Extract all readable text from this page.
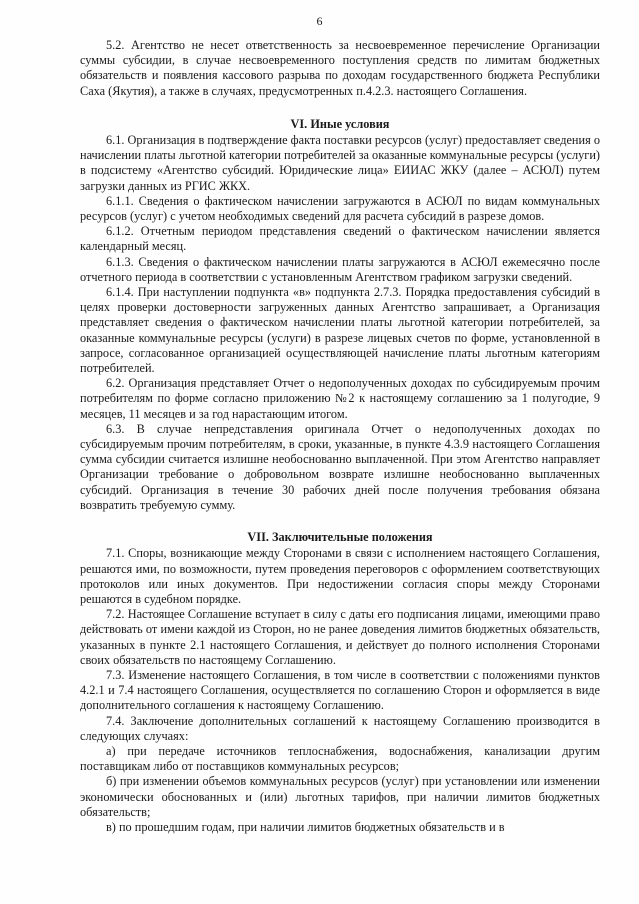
6

5.2. Агентство не несет ответственность за несвоевременное перечисление Организации суммы субсидии, в случае несвоевременного поступления средств по лимитам бюджетных обязательств и появления кассового разрыва по доходам государственного бюджета Республики Саха (Якутия), а также в случаях, предусмотренных п.4.2.3. настоящего Соглашения.

VI. Иные условия

6.1. Организация в подтверждение факта поставки ресурсов (услуг) предоставляет сведения о начислении платы льготной категории потребителей за оказанные коммунальные ресурсы (услуги) в подсистему «Агентство субсидий. Юридические лица» ЕИИАС ЖКУ (далее – АСЮЛ) путем загрузки данных из РГИС ЖКХ.

6.1.1. Сведения о фактическом начислении загружаются в АСЮЛ по видам коммунальных ресурсов (услуг) с учетом необходимых сведений для расчета субсидий в разрезе домов.

6.1.2. Отчетным периодом представления сведений о фактическом начислении является календарный месяц.

6.1.3. Сведения о фактическом начислении платы загружаются в АСЮЛ ежемесячно после отчетного периода в соответствии с установленным Агентством графиком загрузки сведений.

6.1.4. При наступлении подпункта «в» подпункта 2.7.3. Порядка предоставления субсидий в целях проверки достоверности загруженных данных Агентство запрашивает, а Организация представляет сведения о фактическом начислении платы льготной категории потребителей, за оказанные коммунальные ресурсы (услуги) в разрезе лицевых счетов по форме, установленной в запросе, согласованное организацией осуществляющей начисление платы льготным категориям потребителей.

6.2. Организация представляет Отчет о недополученных доходах по субсидируемым прочим потребителям по форме согласно приложению №2 к настоящему соглашению за 1 полугодие, 9 месяцев, 11 месяцев и за год нарастающим итогом.

6.3. В случае непредставления оригинала Отчет о недополученных доходах по субсидируемым прочим потребителям, в сроки, указанные, в пункте 4.3.9 настоящего Соглашения сумма субсидии считается излишне необоснованно выплаченной. При этом Агентство направляет Организации требование о добровольном возврате излишне необоснованно выплаченных субсидий. Организация в течение 30 рабочих дней после получения требования обязана возвратить требуемую сумму.

VII. Заключительные положения

7.1. Споры, возникающие между Сторонами в связи с исполнением настоящего Соглашения, решаются ими, по возможности, путем проведения переговоров с оформлением соответствующих протоколов или иных документов. При недостижении согласия споры между Сторонами решаются в судебном порядке.

7.2. Настоящее Соглашение вступает в силу с даты его подписания лицами, имеющими право действовать от имени каждой из Сторон, но не ранее доведения лимитов бюджетных обязательств, указанных в пункте 2.1 настоящего Соглашения, и действует до полного исполнения Сторонами своих обязательств по настоящему Соглашению.

7.3. Изменение настоящего Соглашения, в том числе в соответствии с положениями пунктов 4.2.1 и 7.4 настоящего Соглашения, осуществляется по соглашению Сторон и оформляется в виде дополнительного соглашения к настоящему Соглашению.

7.4. Заключение дополнительных соглашений к настоящему Соглашению производится в следующих случаях:

а) при передаче источников теплоснабжения, водоснабжения, канализации другим поставщикам либо от поставщиков коммунальных ресурсов;

б) при изменении объемов коммунальных ресурсов (услуг) при установлении или изменении экономически обоснованных и (или) льготных тарифов, при наличии лимитов бюджетных обязательств;

в) по прошедшим годам, при наличии лимитов бюджетных обязательств и в
